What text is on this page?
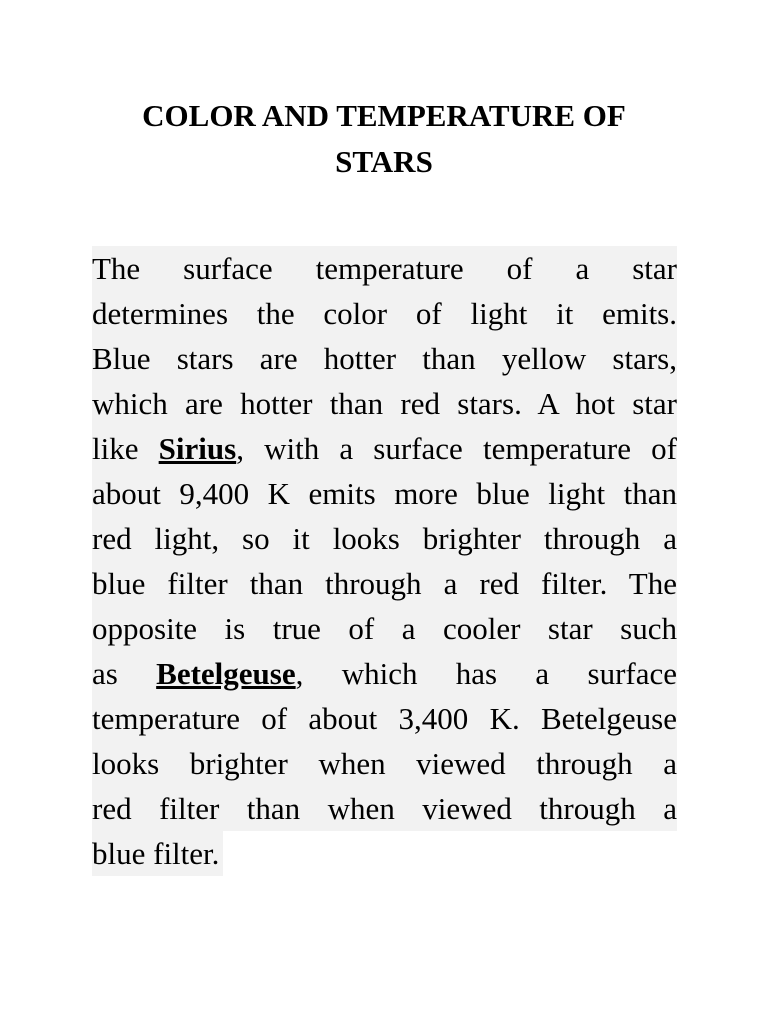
COLOR AND TEMPERATURE OF
STARS
The surface temperature of a star
determines the color of light it emits.
Blue stars are hotter than yellow stars,
which are hotter than red stars. A hot star
like Sirius, with a surface temperature of
about 9,400 K emits more blue light than
red light, so it looks brighter through a
blue filter than through a red filter. The
opposite is true of a cooler star such
as Betelgeuse, which has a surface
temperature of about 3,400 K. Betelgeuse
looks brighter when viewed through a
red filter than when viewed through a
blue filter.
